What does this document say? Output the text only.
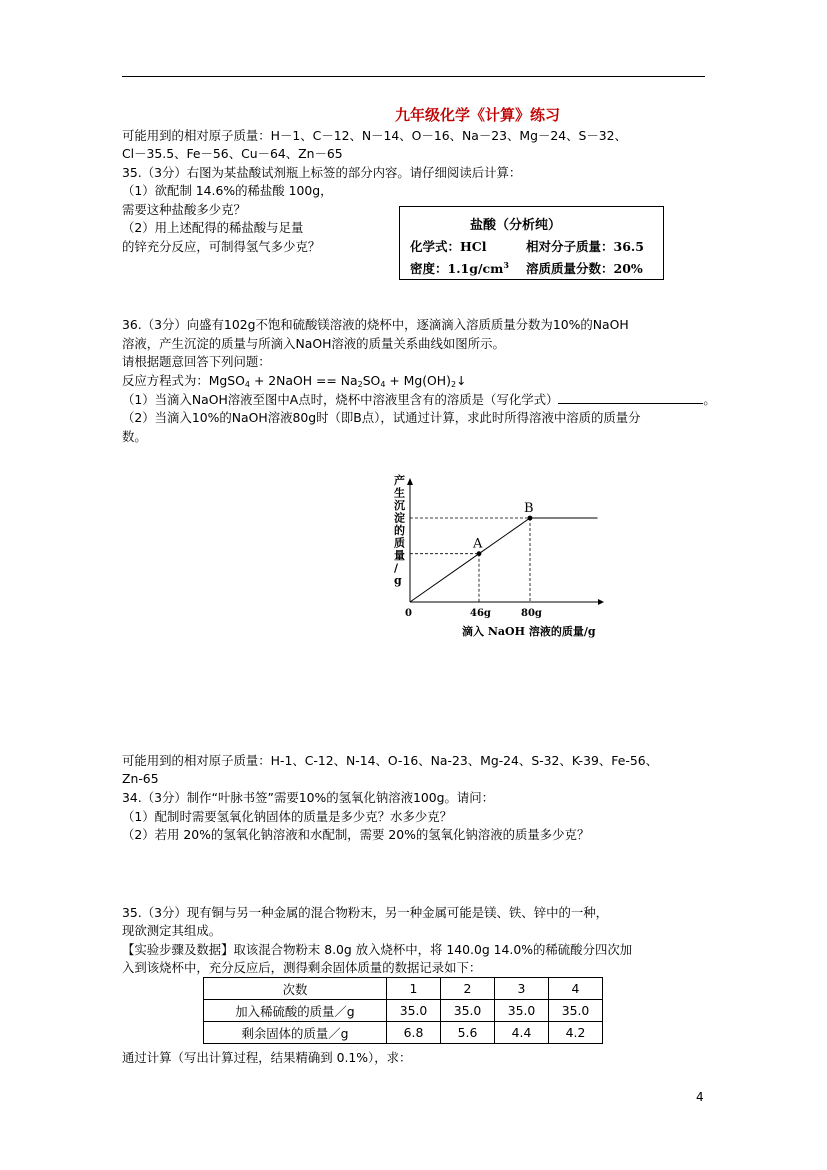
九年级化学《计算》练习
可能用到的相对原子质量：H－1、C－12、N－14、O－16、Na－23、Mg－24、S－32、
Cl－35.5、Fe－56、Cu－64、Zn－65
35.（3分）右图为某盐酸试剂瓶上标签的部分内容。请仔细阅读后计算：
（1）欲配制 14.6%的稀盐酸 100g，
需要这种盐酸多少克？
（2）用上述配得的稀盐酸与足量
的锌充分反应，可制得氢气多少克？
盐酸（分析纯）
化学式：HCl	相对分子质量：36.5
密度：$1.1g/cm^3$ 溶质质量分数：20%
36.（3分）向盛有102g不饱和硫酸镁溶液的烧杯中，逐滴滴入溶质质量分数为10%的NaOH
溶液，产生沉淀的质量与所滴入NaOH溶液的质量关系曲线如图所示。
请根据题意回答下列问题：
反应方程式为：MgSO$_4$ + 2NaOH == $Na_2SO_4$ + $Mg(OH)_2↓$
（1）当滴入NaOH溶液至图中A点时，烧杯中溶液里含有的溶质是（写化学式）	。
（2）当滴入10%的NaOH溶液80g时（即B点），试通过计算，求此时所得溶液中溶质的质量分
数。
A
B
0	46g	80g
滴入 NaOH 溶液的质量/g
产
生
沉
淀
的
质
量
/
g
可能用到的相对原子质量：H-1、C-12、N-14、O-16、Na-23、Mg-24、S-32、K-39、Fe-56、
Zn-65
34.（3分）制作“叶脉书签”需要10%的氢氧化钠溶液100g。请问：
（1）配制时需要氢氧化钠固体的质量是多少克？水多少克？
（2）若用 20%的氢氧化钠溶液和水配制，需要 20%的氢氧化钠溶液的质量多少克？
35.（3分）现有铜与另一种金属的混合物粉末，另一种金属可能是镁、铁、锌中的一种，
现欲测定其组成。
【实验步骤及数据】取该混合物粉末 8.0g 放入烧杯中，将 140.0g 14.0%的稀硫酸分四次加
入到该烧杯中，充分反应后，测得剩余固体质量的数据记录如下：
次数	1	2	3	4
加入稀硫酸的质量／g	35.0	35.0	35.0	35.0
剩余固体的质量／g	6.8	5.6	4.4	4.2
通过计算（写出计算过程，结果精确到 0.1%），求：
4
